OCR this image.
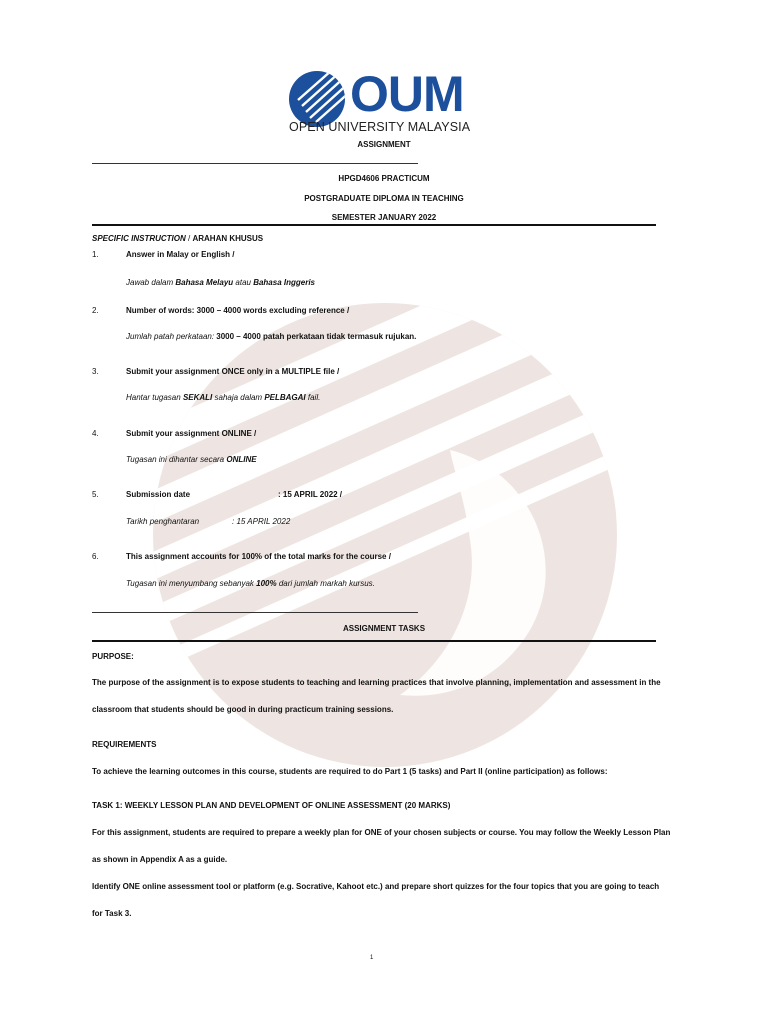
OUM
OPEN UNIVERSITY MALAYSIA
ASSIGNMENT
HPGD4606 PRACTICUM
POSTGRADUATE DIPLOMA IN TEACHING
SEMESTER JANUARY 2022
SPECIFIC INSTRUCTION / ARAHAN KHUSUS
1.	Answer in Malay or English /
Jawab dalam Bahasa Melayu atau Bahasa Inggeris
2.	Number of words: 3000 – 4000 words excluding reference /
Jumlah patah perkataan: 3000 – 4000 patah perkataan tidak termasuk rujukan.
3.	Submit your assignment ONCE only in a MULTIPLE file /
Hantar tugasan SEKALI sahaja dalam PELBAGAI fail.
4.	Submit your assignment ONLINE /
Tugasan ini dihantar secara ONLINE
5.	Submission date	: 15 APRIL 2022 /
Tarikh penghantaran	: 15 APRIL 2022
6.	This assignment accounts for 100% of the total marks for the course /
Tugasan ini menyumbang sebanyak 100% dari jumlah markah kursus.
ASSIGNMENT TASKS
PURPOSE:
The purpose of the assignment is to expose students to teaching and learning practices that involve planning, implementation and assessment in the
classroom that students should be good in during practicum training sessions.
REQUIREMENTS
To achieve the learning outcomes in this course, students are required to do Part 1 (5 tasks) and Part II (online participation) as follows:
TASK 1: WEEKLY LESSON PLAN AND DEVELOPMENT OF ONLINE ASSESSMENT (20 MARKS)
For this assignment, students are required to prepare a weekly plan for ONE of your chosen subjects or course. You may follow the Weekly Lesson Plan
as shown in Appendix A as a guide.
Identify ONE online assessment tool or platform (e.g. Socrative, Kahoot etc.) and prepare short quizzes for the four topics that you are going to teach
for Task 3.
1
